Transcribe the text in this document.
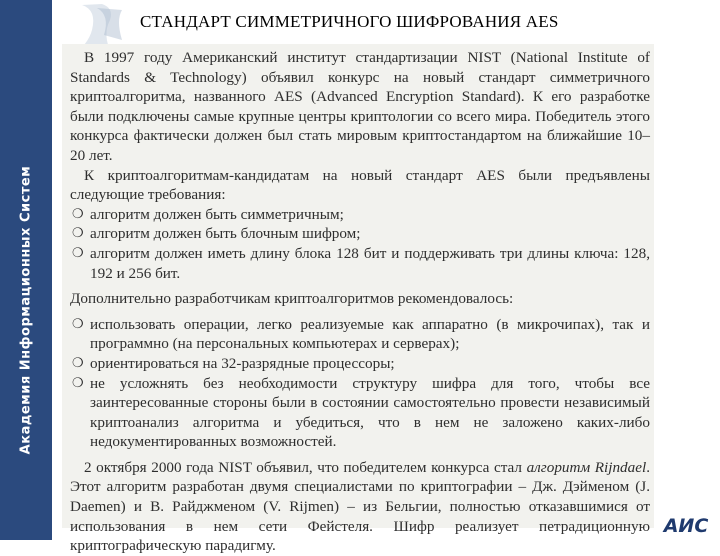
Академия Информационных Систем
СТАНДАРТ СИММЕТРИЧНОГО ШИФРОВАНИЯ AES

В 1997 году Американский институт стандартизации NIST (National Institute of Standards & Technology) объявил конкурс на новый стандарт симметричного криптоалгоритма, названного AES (Advanced Encryption Standard). К его разработке были подключены самые крупные центры криптологии со всего мира. Победитель этого конкурса фактически должен был стать мировым криптостандартом на ближайшие 10–20 лет.

К криптоалгоритмам-кандидатам на новый стандарт AES были предъявлены следующие требования:

❍ алгоритм должен быть симметричным;
❍ алгоритм должен быть блочным шифром;
❍ алгоритм должен иметь длину блока 128 бит и поддерживать три длины ключа: 128, 192 и 256 бит.

Дополнительно разработчикам криптоалгоритмов рекомендовалось:

❍ использовать операции, легко реализуемые как аппаратно (в микрочипах), так и программно (на персональных компьютерах и серверах);
❍ ориентироваться на 32-разрядные процессоры;
❍ не усложнять без необходимости структуру шифра для того, чтобы все заинтересованные стороны были в состоянии самостоятельно провести независимый криптоанализ алгоритма и убедиться, что в нем не заложено каких-либо недокументированных возможностей.

2 октября 2000 года NIST объявил, что победителем конкурса стал алгоритм Rijndael. Этот алгоритм разработан двумя специалистами по криптографии – Дж. Дэйменом (J. Daemen) и В. Райджменом (V. Rijmen) – из Бельгии, полностью отказавшимися от использования в нем сети Фейстеля. Шифр реализует петрадиционную криптографическую парадигму.

АИС
